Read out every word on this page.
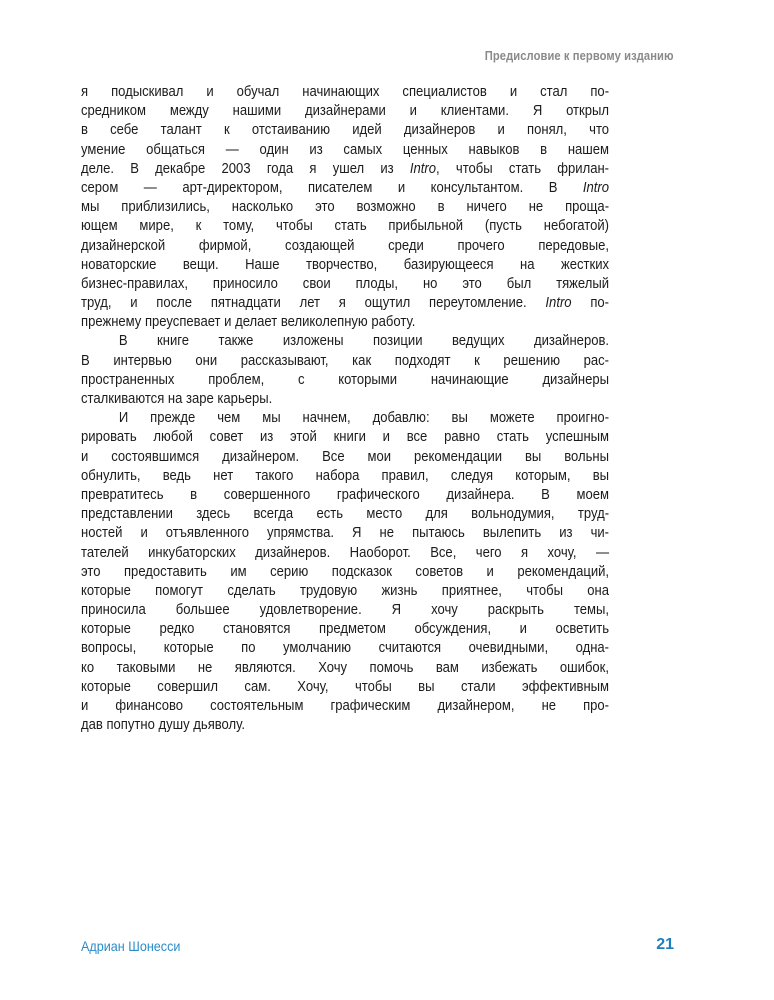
Предисловие к первому изданию
я подыскивал и обучал начинающих специалистов и стал по-
средником между нашими дизайнерами и клиентами. Я открыл
в себе талант к отстаиванию идей дизайнеров и понял, что
умение общаться — один из самых ценных навыков в нашем
деле. В декабре 2003 года я ушел из Intro, чтобы стать фрилан-
сером — арт-директором, писателем и консультантом. В Intro
мы приблизились, насколько это возможно в ничего не проща-
ющем мире, к тому, чтобы стать прибыльной (пусть небогатой)
дизайнерской фирмой, создающей среди прочего передовые,
новаторские вещи. Наше творчество, базирующееся на жестких
бизнес-правилах, приносило свои плоды, но это был тяжелый
труд, и после пятнадцати лет я ощутил переутомление. Intro по-
прежнему преуспевает и делает великолепную работу.
В книге также изложены позиции ведущих дизайнеров.
В интервью они рассказывают, как подходят к решению рас-
пространенных проблем, с которыми начинающие дизайнеры
сталкиваются на заре карьеры.
И прежде чем мы начнем, добавлю: вы можете проигно-
рировать любой совет из этой книги и все равно стать успешным
и состоявшимся дизайнером. Все мои рекомендации вы вольны
обнулить, ведь нет такого набора правил, следуя которым, вы
превратитесь в совершенного графического дизайнера. В моем
представлении здесь всегда есть место для вольнодумия, труд-
ностей и отъявленного упрямства. Я не пытаюсь вылепить из чи-
тателей инкубаторских дизайнеров. Наоборот. Все, чего я хочу, —
это предоставить им серию подсказок советов и рекомендаций,
которые помогут сделать трудовую жизнь приятнее, чтобы она
приносила большее удовлетворение. Я хочу раскрыть темы,
которые редко становятся предметом обсуждения, и осветить
вопросы, которые по умолчанию считаются очевидными, одна-
ко таковыми не являются. Хочу помочь вам избежать ошибок,
которые совершил сам. Хочу, чтобы вы стали эффективным
и финансово состоятельным графическим дизайнером, не про-
дав попутно душу дьяволу.
Адриан Шонесси	21
